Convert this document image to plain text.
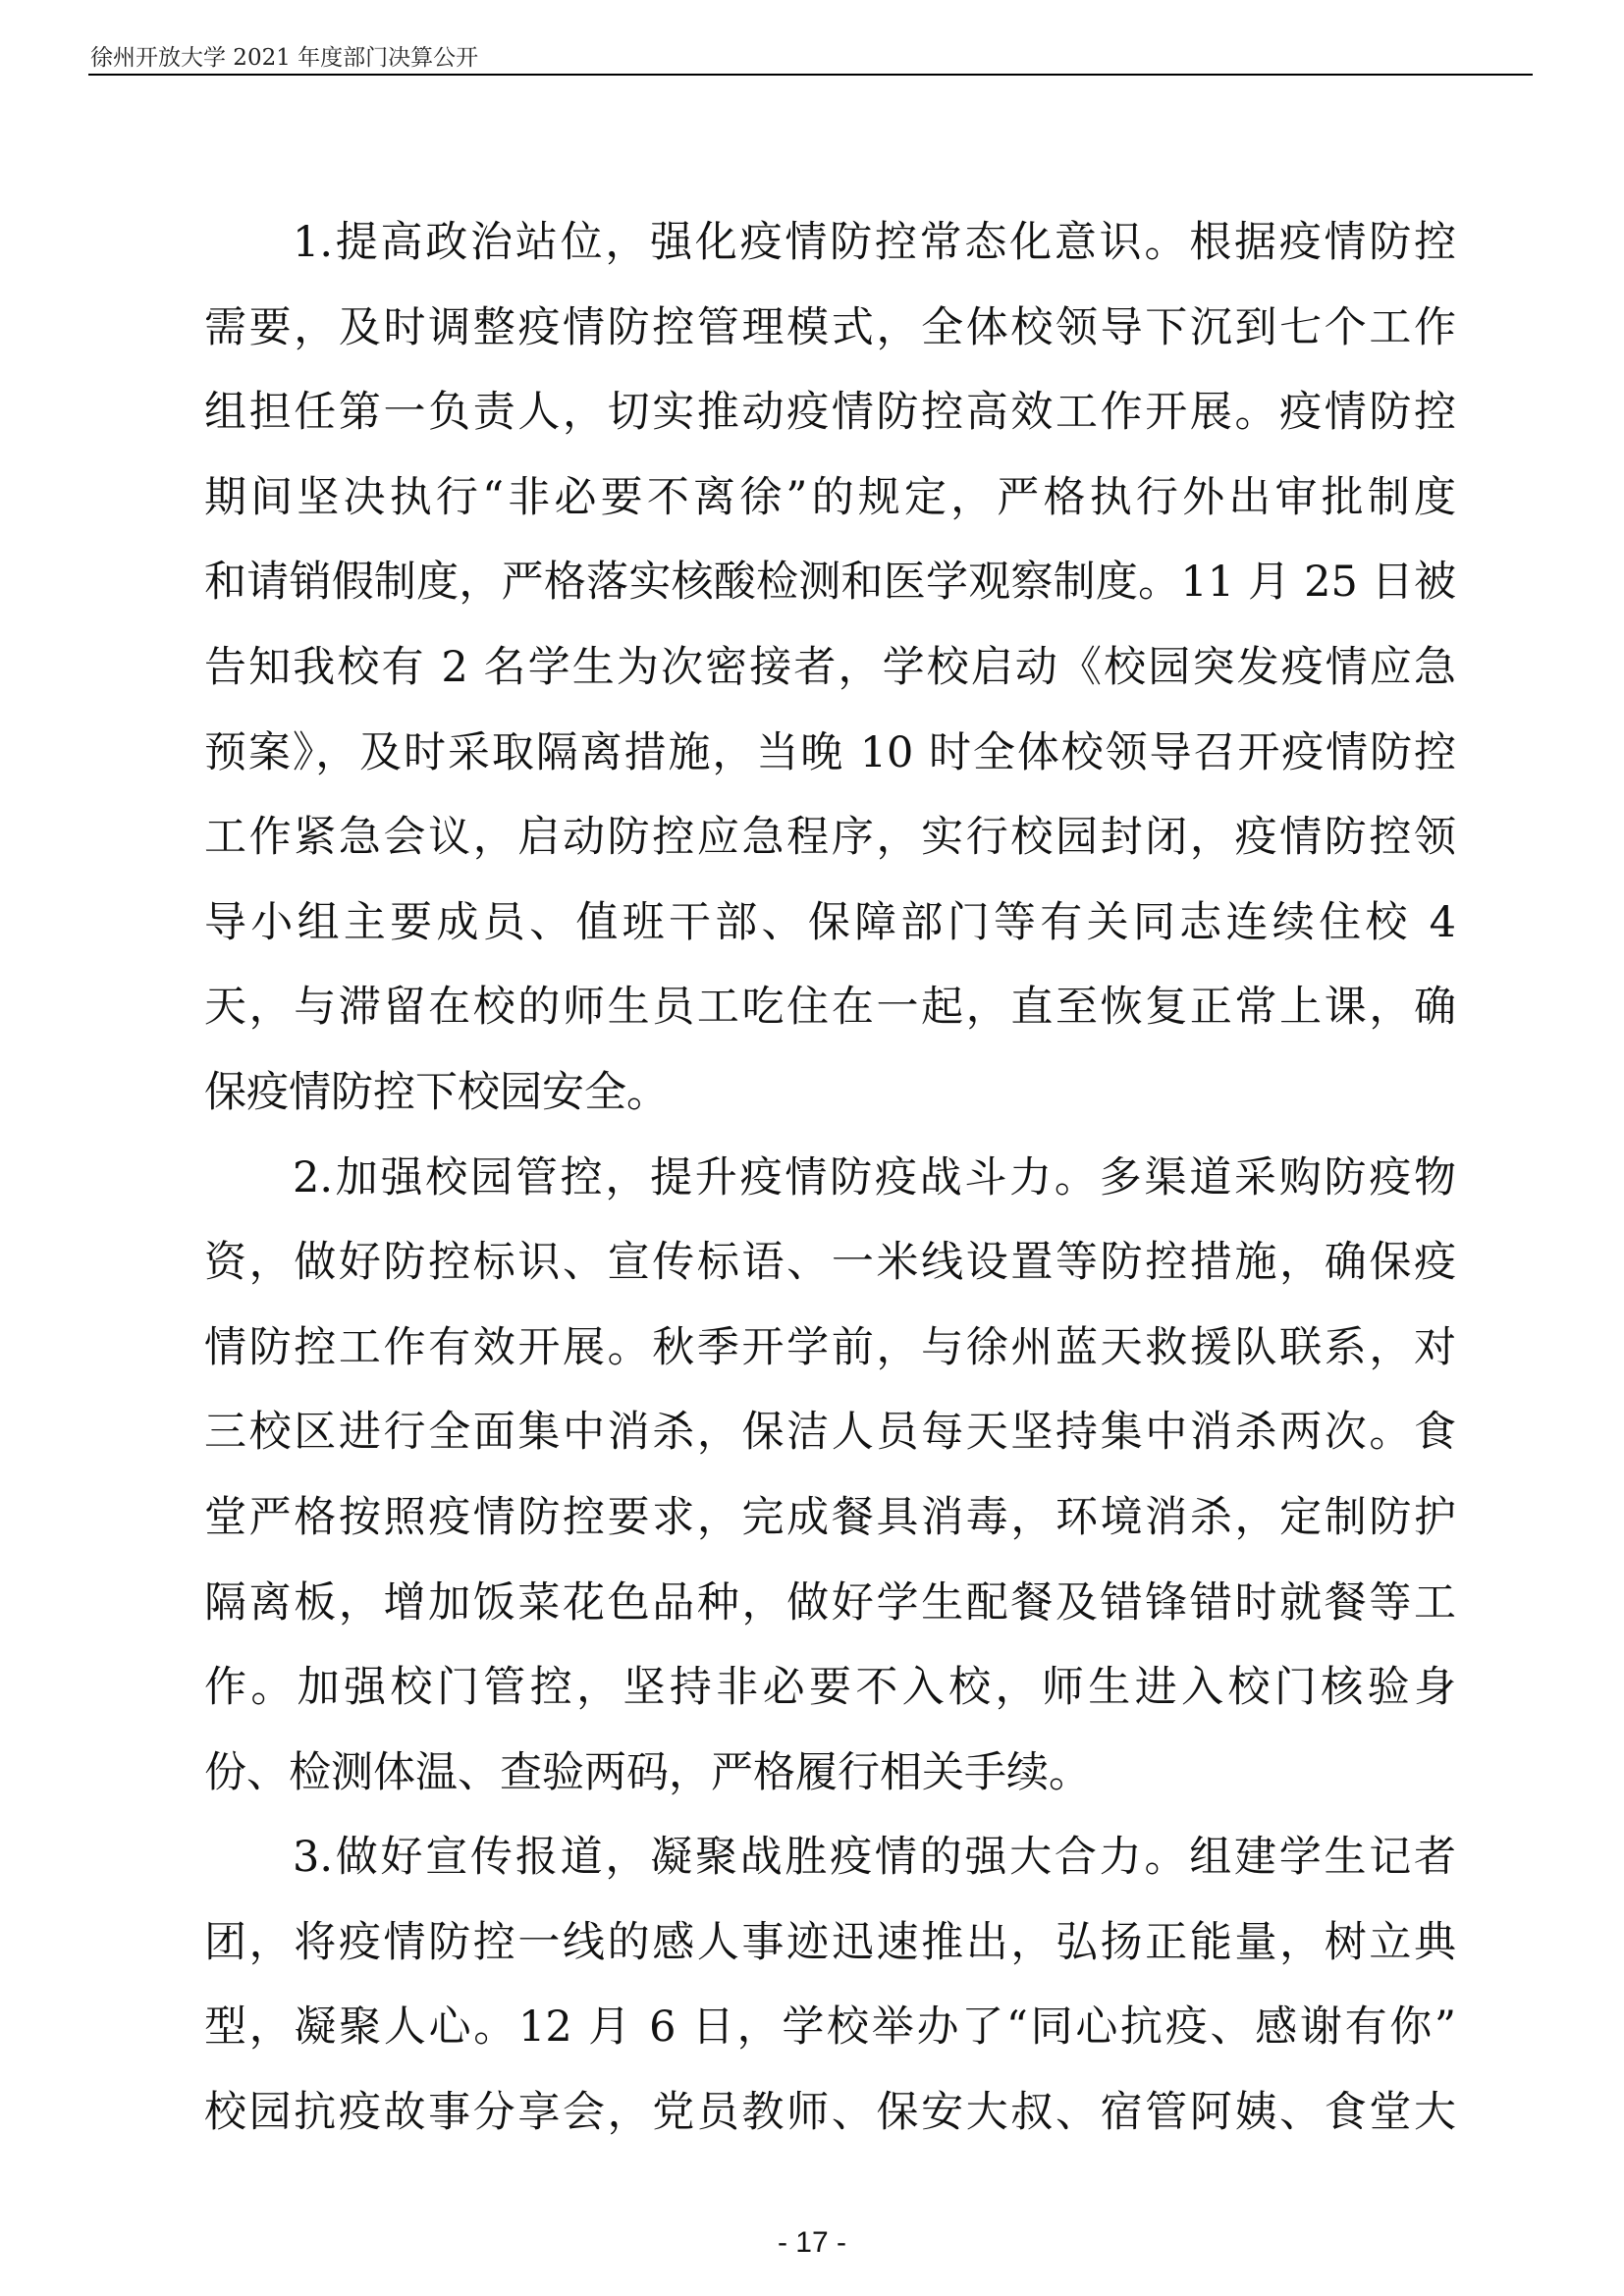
徐州开放大学 2021 年度部门决算公开
1.提高政治站位，强化疫情防控常态化意识。根据疫情防控
需要，及时调整疫情防控管理模式，全体校领导下沉到七个工作
组担任第一负责人，切实推动疫情防控高效工作开展。疫情防控
期间坚决执行“非必要不离徐”的规定，严格执行外出审批制度
和请销假制度，严格落实核酸检测和医学观察制度。11 月 25 日被
告知我校有 2 名学生为次密接者，学校启动《校园突发疫情应急
预案》，及时采取隔离措施，当晚 10 时全体校领导召开疫情防控
工作紧急会议，启动防控应急程序，实行校园封闭，疫情防控领
导小组主要成员、值班干部、保障部门等有关同志连续住校 4
天，与滞留在校的师生员工吃住在一起，直至恢复正常上课，确
保疫情防控下校园安全。
2.加强校园管控，提升疫情防疫战斗力。多渠道采购防疫物
资，做好防控标识、宣传标语、一米线设置等防控措施，确保疫
情防控工作有效开展。秋季开学前，与徐州蓝天救援队联系，对
三校区进行全面集中消杀，保洁人员每天坚持集中消杀两次。食
堂严格按照疫情防控要求，完成餐具消毒，环境消杀，定制防护
隔离板，增加饭菜花色品种，做好学生配餐及错锋错时就餐等工
作。加强校门管控，坚持非必要不入校，师生进入校门核验身
份、检测体温、查验两码，严格履行相关手续。
3.做好宣传报道，凝聚战胜疫情的强大合力。组建学生记者
团，将疫情防控一线的感人事迹迅速推出，弘扬正能量，树立典
型，凝聚人心。12 月 6 日，学校举办了“同心抗疫、感谢有你”
校园抗疫故事分享会，党员教师、保安大叔、宿管阿姨、食堂大
- 17 -
